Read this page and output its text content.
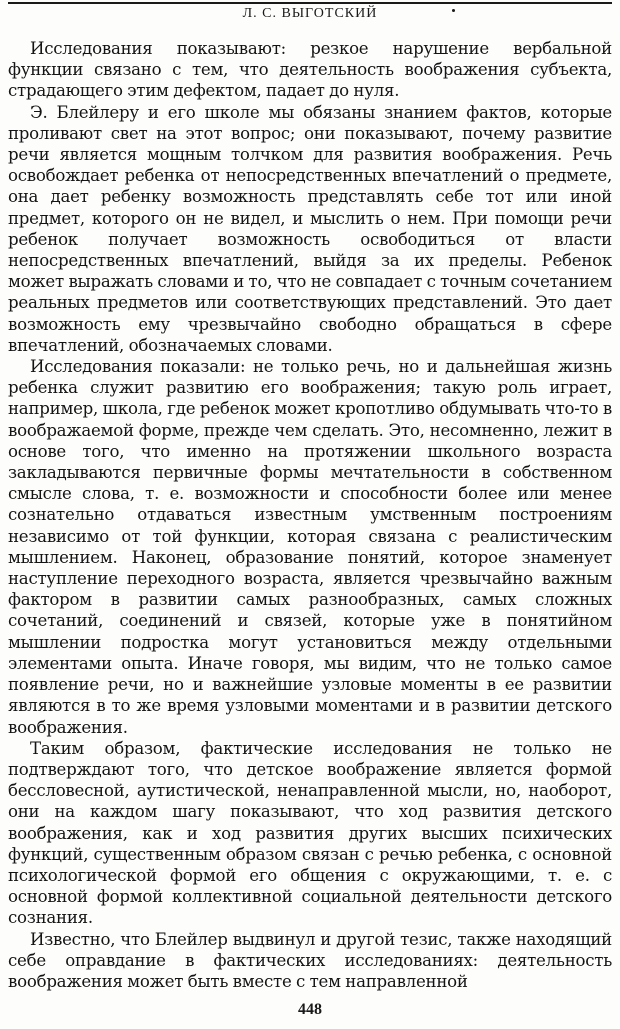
Л. С. ВЫГОТСКИЙ

Исследования показывают: резкое нарушение вербальной функции связано с тем, что деятельность воображения субъекта, страдающего этим дефектом, падает до нуля.

Э. Блейлеру и его школе мы обязаны знанием фактов, которые проливают свет на этот вопрос; они показывают, почему развитие речи является мощным толчком для развития воображения. Речь освобождает ребенка от непосредственных впечатлений о предмете, она дает ребенку возможность представлять себе тот или иной предмет, которого он не видел, и мыслить о нем. При помощи речи ребенок получает возможность освободиться от власти непосредственных впечатлений, выйдя за их пределы. Ребенок может выражать словами и то, что не совпадает с точным сочетанием реальных предметов или соответствующих представлений. Это дает возможность ему чрезвычайно свободно обращаться в сфере впечатлений, обозначаемых словами.

Исследования показали: не только речь, но и дальнейшая жизнь ребенка служит развитию его воображения; такую роль играет, например, школа, где ребенок может кропотливо обдумывать что-то в воображаемой форме, прежде чем сделать. Это, несомненно, лежит в основе того, что именно на протяжении школьного возраста закладываются первичные формы мечтательности в собственном смысле слова, т. е. возможности и способности более или менее сознательно отдаваться известным умственным построениям независимо от той функции, которая связана с реалистическим мышлением. Наконец, образование понятий, которое знаменует наступление переходного возраста, является чрезвычайно важным фактором в развитии самых разнообразных, самых сложных сочетаний, соединений и связей, которые уже в понятийном мышлении подростка могут установиться между отдельными элементами опыта. Иначе говоря, мы видим, что не только самое появление речи, но и важнейшие узловые моменты в ее развитии являются в то же время узловыми моментами и в развитии детского воображения.

Таким образом, фактические исследования не только не подтверждают того, что детское воображение является формой бессловесной, аутистической, ненаправленной мысли, но, наоборот, они на каждом шагу показывают, что ход развития детского воображения, как и ход развития других высших психических функций, существенным образом связан с речью ребенка, с основной психологической формой его общения с окружающими, т. е. с основной формой коллективной социальной деятельности детского сознания.

Известно, что Блейлер выдвинул и другой тезис, также находящий себе оправдание в фактических исследованиях: деятельность воображения может быть вместе с тем направленной

448
